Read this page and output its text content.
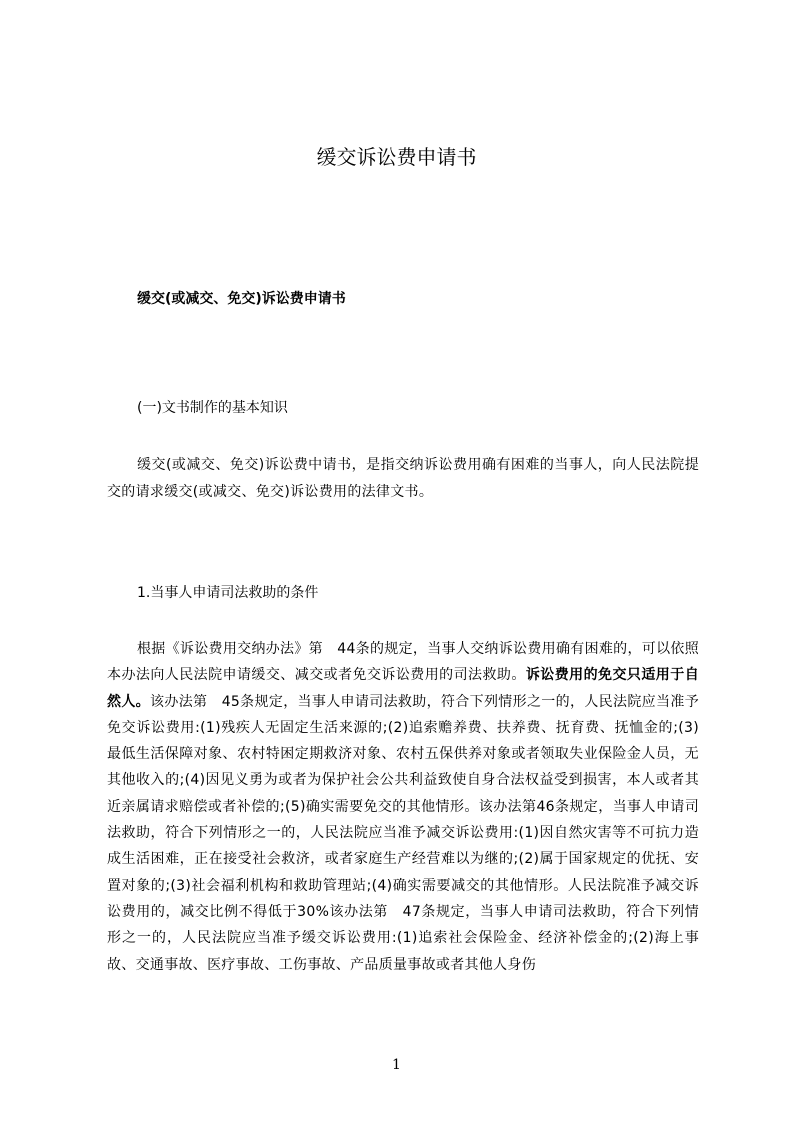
缓交诉讼费申请书

缓交(或减交、免交)诉讼费申请书

(一)文书制作的基本知识

缓交(或减交、免交)诉讼费中请书，是指交纳诉讼费用确有困难的当事人，向人民法院提交的请求缓交(或减交、免交)诉讼费用的法律文书。

1.当事人申请司法救助的条件

根据《诉讼费用交纳办法》第　44条的规定，当事人交纳诉讼费用确有困难的，可以依照本办法向人民法院申请缓交、减交或者免交诉讼费用的司法救助。诉讼费用的免交只适用于自然人。该办法第　45条规定，当事人申请司法救助，符合下列情形之一的，人民法院应当准予免交诉讼费用:(1)残疾人无固定生活来源的;(2)追索赡养费、扶养费、抚育费、抚恤金的;(3)最低生活保障对象、农村特困定期救济对象、农村五保供养对象或者领取失业保险金人员，无其他收入的;(4)因见义勇为或者为保护社会公共利益致使自身合法权益受到损害，本人或者其近亲属请求赔偿或者补偿的;(5)确实需要免交的其他情形。该办法第46条规定，当事人申请司法救助，符合下列情形之一的，人民法院应当准予减交诉讼费用:(1)因自然灾害等不可抗力造成生活困难，正在接受社会救济，或者家庭生产经营难以为继的;(2)属于国家规定的优抚、安置对象的;(3)社会福利机构和救助管理站;(4)确实需要减交的其他情形。人民法院准予减交诉讼费用的，减交比例不得低于30%该办法第　47条规定，当事人申请司法救助，符合下列情形之一的，人民法院应当准予缓交诉讼费用:(1)追索社会保险金、经济补偿金的;(2)海上事故、交通事故、医疗事故、工伤事故、产品质量事故或者其他人身伤

1
